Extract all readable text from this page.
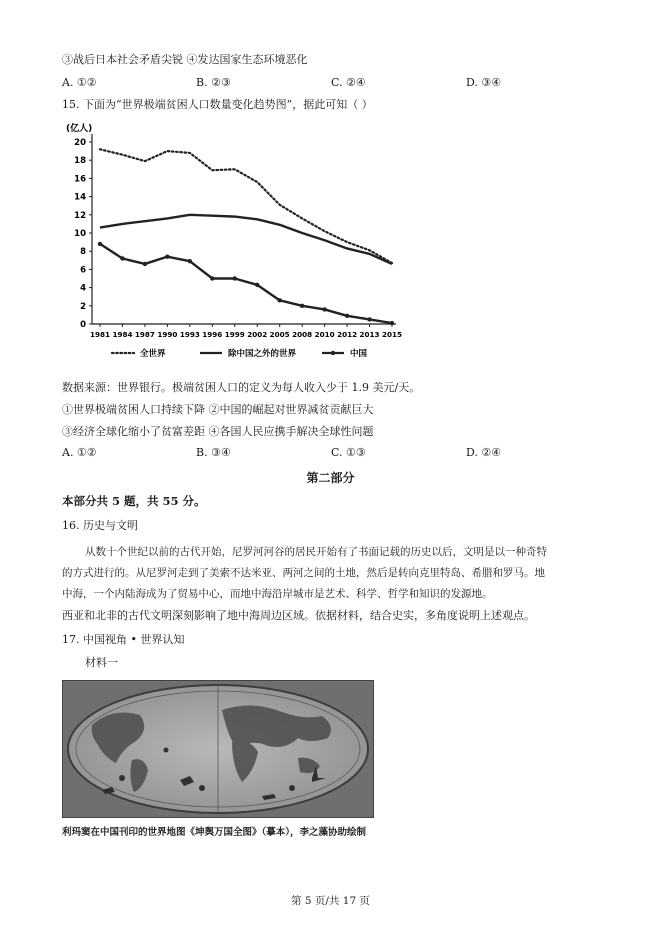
③战后日本社会矛盾尖锐 ④发达国家生态环境恶化
A. ①②	B. ②③	C. ②④	D. ③④
15. 下面为“世界极端贫困人口数量变化趋势图”，据此可知（ ）
(亿人)
0
2
4
6
8
10
12
14
16
18
20
1981 1984 1987 1990 1993 1996 1999 2002 2005 2008 2010 2012 2013 2015
全世界	除中国之外的世界	中国
数据来源：世界银行。极端贫困人口的定义为每人收入少于 1.9 美元/天。
①世界极端贫困人口持续下降 ②中国的崛起对世界减贫贡献巨大
③经济全球化缩小了贫富差距 ④各国人民应携手解决全球性问题
A. ①②	B. ③④	C. ①③	D. ②④
第二部分
本部分共 5 题，共 55 分。
16. 历史与文明
从数十个世纪以前的古代开始，尼罗河河谷的居民开始有了书面记载的历史以后，文明是以一种奇特
的方式进行的。从尼罗河走到了美索不达米亚、两河之间的土地，然后是转向克里特岛、希腊和罗马。地
中海，一个内陆海成为了贸易中心，而地中海沿岸城市是艺术、科学、哲学和知识的发源地。
西亚和北非的古代文明深刻影响了地中海周边区域。依据材料，结合史实，多角度说明上述观点。
17. 中国视角 • 世界认知
材料一
利玛窦在中国刊印的世界地图《坤舆万国全图》（摹本），李之藻协助绘制
第 5 页/共 17 页
